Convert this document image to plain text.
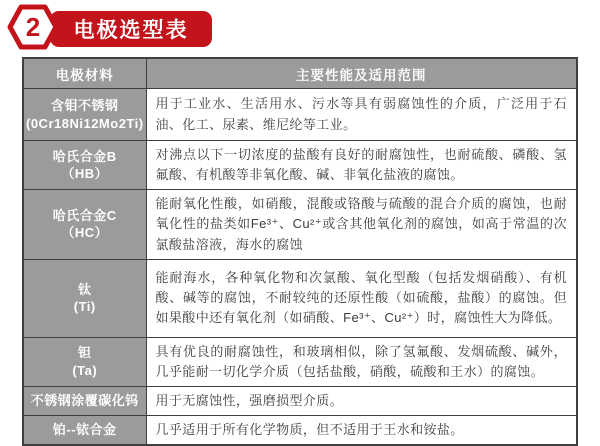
电极选型表
2
电极材料	主要性能及适用范围

含钼不锈钢
(0Cr18Ni12Mo2Ti)	用于工业水、生活用水、污水等具有弱腐蚀性的介质，广泛用于石油、化工、尿素、维尼纶等工业。

哈氏合金B
（HB）	对沸点以下一切浓度的盐酸有良好的耐腐蚀性，也耐硫酸、磷酸、氢氟酸、有机酸等非氧化酸、碱、非氧化盐液的腐蚀。

哈氏合金C
（HC）	能耐氧化性酸，如硝酸，混酸或铬酸与硫酸的混合介质的腐蚀，也耐氧化性的盐类如Fe³⁺、Cu²⁺或含其他氧化剂的腐蚀，如高于常温的次氯酸盐溶液，海水的腐蚀

钛
(Ti)	能耐海水，各种氧化物和次氯酸、氧化型酸（包括发烟硝酸）、有机酸、碱等的腐蚀，不耐较纯的还原性酸（如硫酸，盐酸）的腐蚀。但如果酸中还有氧化剂（如硝酸、Fe³⁺、Cu²⁺）时，腐蚀性大为降低。

钽
(Ta)	具有优良的耐腐蚀性，和玻璃相似，除了氢氟酸、发烟硫酸、碱外，几乎能耐一切化学介质（包括盐酸，硝酸，硫酸和王水）的腐蚀。

不锈钢涂覆碳化钨	用于无腐蚀性，强磨损型介质。

铂--铱合金	几乎适用于所有化学物质，但不适用于王水和铵盐。
